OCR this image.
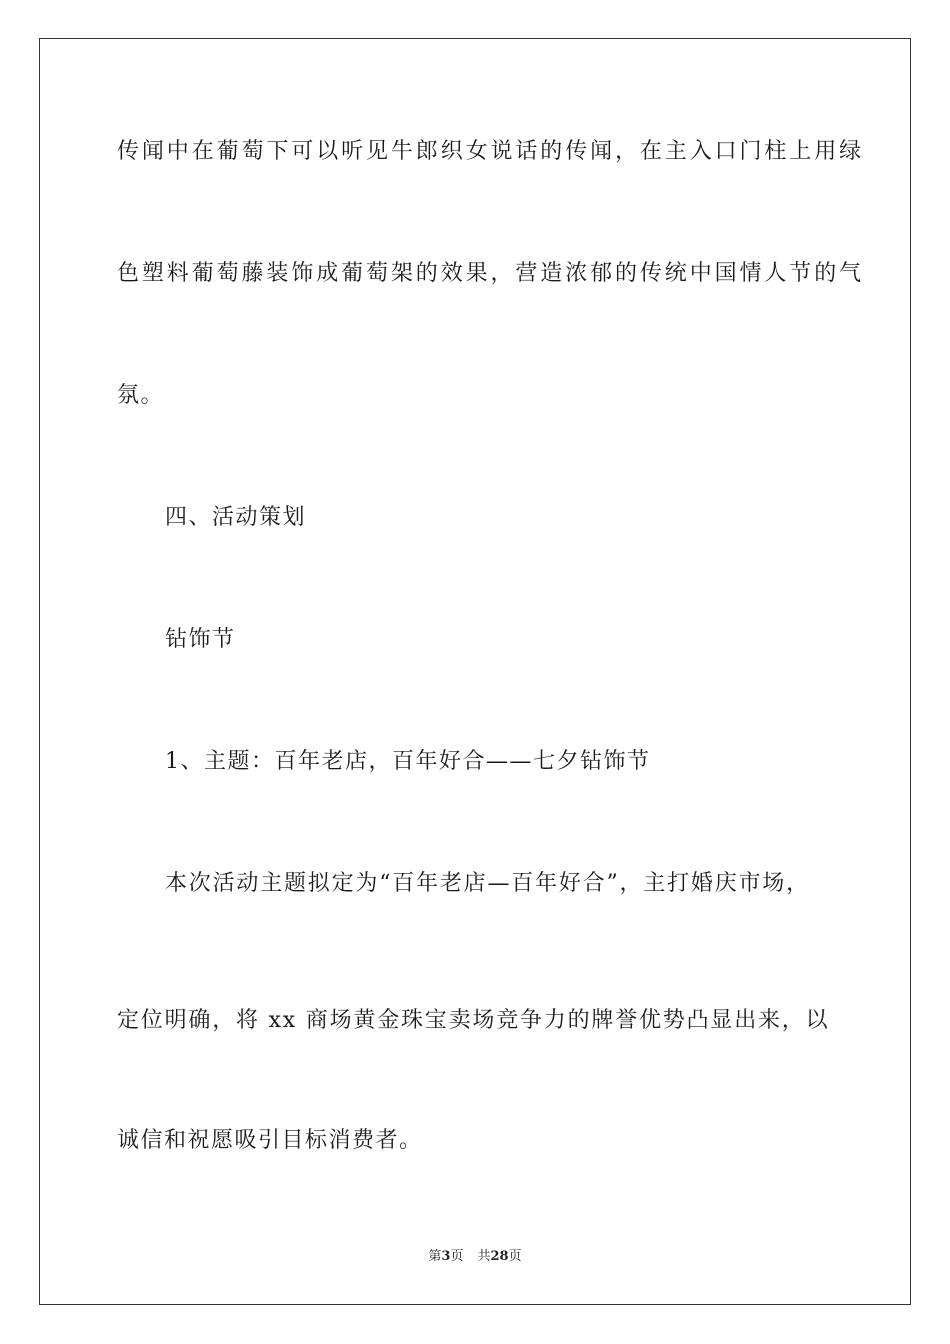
传闻中在葡萄下可以听见牛郎织女说话的传闻，在主入口门柱上用绿
色塑料葡萄藤装饰成葡萄架的效果，营造浓郁的传统中国情人节的气
氛。
四、活动策划
钻饰节
1、主题：百年老店，百年好合——七夕钻饰节
本次活动主题拟定为“百年老店—百年好合”，主打婚庆市场，
定位明确，将 xx 商场黄金珠宝卖场竞争力的牌誉优势凸显出来，以
诚信和祝愿吸引目标消费者。
第3页 共28页
